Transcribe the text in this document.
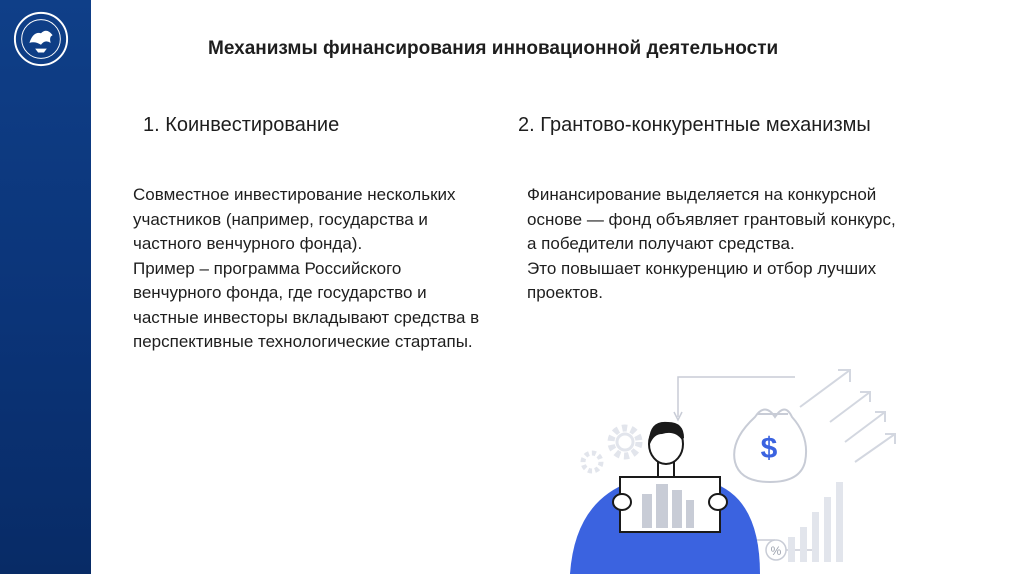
Механизмы финансирования инновационной деятельности
1. Коинвестирование	2. Грантово-конкурентные механизмы

Совместное инвестирование нескольких участников (например, государства и частного венчурного фонда).

Пример – программа Российского венчурного фонда, где государство и частные инвесторы вкладывают средства в перспективные технологические стартапы.

Финансирование выделяется на конкурсной основе — фонд объявляет грантовый конкурс, а победители получают средства.

Это повышает конкуренцию и отбор лучших проектов.

$
%
